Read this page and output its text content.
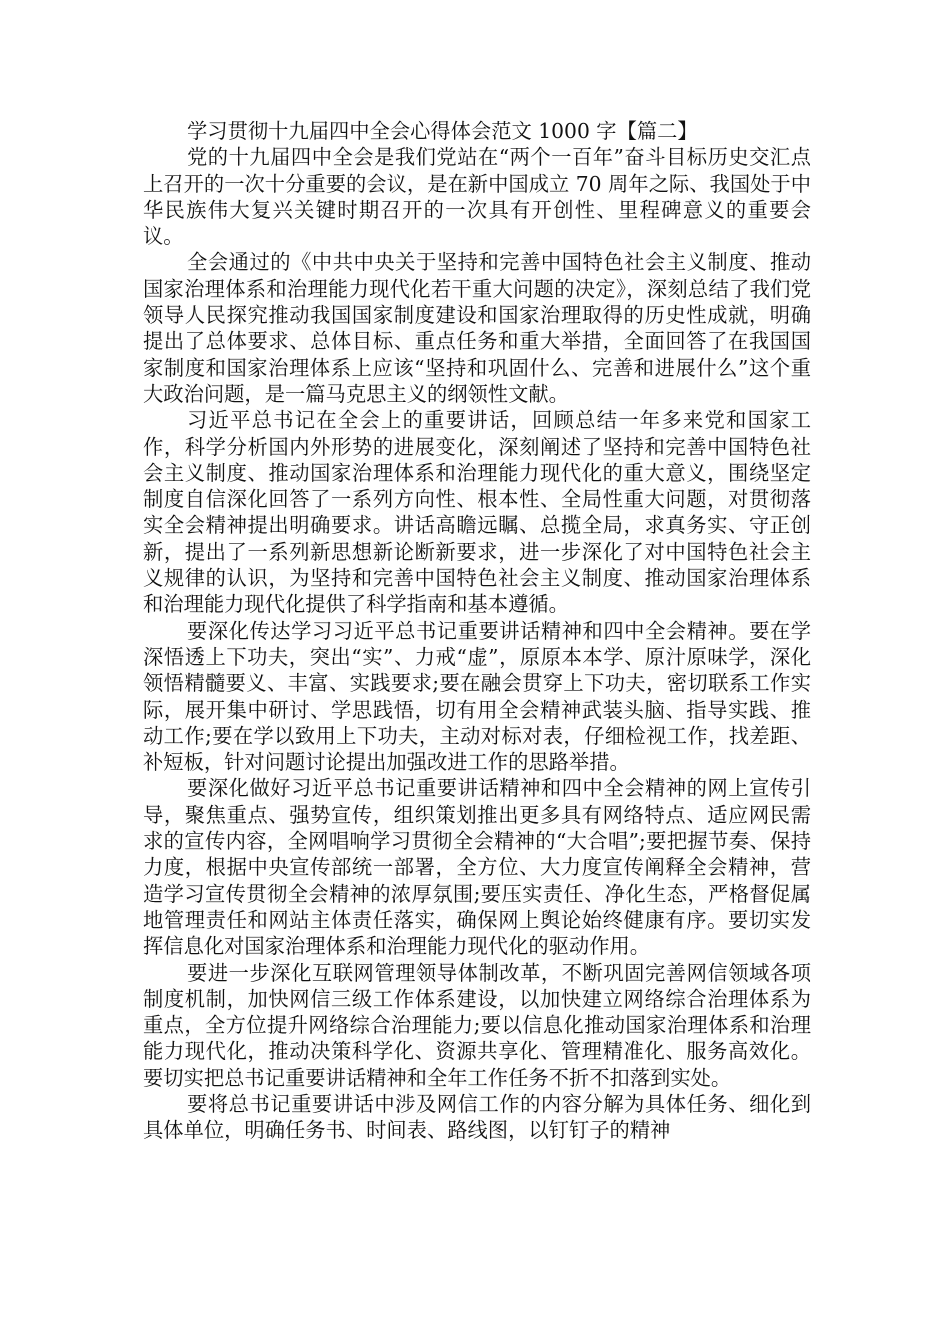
学习贯彻十九届四中全会心得体会范文 1000 字【篇二】

党的十九届四中全会是我们党站在“两个一百年”奋斗目标历史交汇点上召开的一次十分重要的会议，是在新中国成立 70 周年之际、我国处于中华民族伟大复兴关键时期召开的一次具有开创性、里程碑意义的重要会议。

全会通过的《中共中央关于坚持和完善中国特色社会主义制度、推动国家治理体系和治理能力现代化若干重大问题的决定》，深刻总结了我们党领导人民探究推动我国国家制度建设和国家治理取得的历史性成就，明确提出了总体要求、总体目标、重点任务和重大举措，全面回答了在我国国家制度和国家治理体系上应该“坚持和巩固什么、完善和进展什么”这个重大政治问题，是一篇马克思主义的纲领性文献。

习近平总书记在全会上的重要讲话，回顾总结一年多来党和国家工作，科学分析国内外形势的进展变化，深刻阐述了坚持和完善中国特色社会主义制度、推动国家治理体系和治理能力现代化的重大意义，围绕坚定制度自信深化回答了一系列方向性、根本性、全局性重大问题，对贯彻落实全会精神提出明确要求。讲话高瞻远瞩、总揽全局，求真务实、守正创新，提出了一系列新思想新论断新要求，进一步深化了对中国特色社会主义规律的认识，为坚持和完善中国特色社会主义制度、推动国家治理体系和治理能力现代化提供了科学指南和基本遵循。

要深化传达学习习近平总书记重要讲话精神和四中全会精神。要在学深悟透上下功夫，突出“实”、力戒“虚”，原原本本学、原汁原味学，深化领悟精髓要义、丰富、实践要求;要在融会贯穿上下功夫，密切联系工作实际，展开集中研讨、学思践悟，切有用全会精神武装头脑、指导实践、推动工作;要在学以致用上下功夫，主动对标对表，仔细检视工作，找差距、补短板，针对问题讨论提出加强改进工作的思路举措。

要深化做好习近平总书记重要讲话精神和四中全会精神的网上宣传引导，聚焦重点、强势宣传，组织策划推出更多具有网络特点、适应网民需求的宣传内容，全网唱响学习贯彻全会精神的“大合唱”;要把握节奏、保持力度，根据中央宣传部统一部署，全方位、大力度宣传阐释全会精神，营造学习宣传贯彻全会精神的浓厚氛围;要压实责任、净化生态，严格督促属地管理责任和网站主体责任落实，确保网上舆论始终健康有序。要切实发挥信息化对国家治理体系和治理能力现代化的驱动作用。

要进一步深化互联网管理领导体制改革，不断巩固完善网信领域各项制度机制，加快网信三级工作体系建设，以加快建立网络综合治理体系为重点，全方位提升网络综合治理能力;要以信息化推动国家治理体系和治理能力现代化，推动决策科学化、资源共享化、管理精准化、服务高效化。要切实把总书记重要讲话精神和全年工作任务不折不扣落到实处。

要将总书记重要讲话中涉及网信工作的内容分解为具体任务、细化到具体单位，明确任务书、时间表、路线图，以钉钉子的精神
